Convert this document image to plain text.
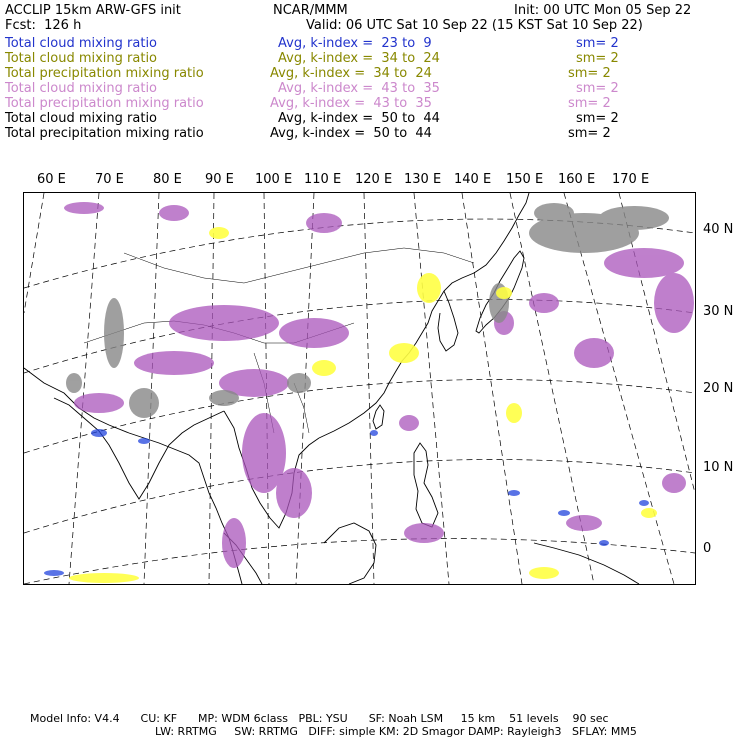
ACCLIP 15km ARW-GFS init	NCAR/MMM	Init: 00 UTC Mon 05 Sep 22
Fcst:  126 h	Valid: 06 UTC Sat 10 Sep 22 (15 KST Sat 10 Sep 22)
Total cloud mixing ratio	Avg, k-index =  23 to  9	sm= 2
Total cloud mixing ratio	Avg, k-index =  34 to  24	sm= 2
Total precipitation mixing ratio	Avg, k-index =  34 to  24	sm= 2
Total cloud mixing ratio	Avg, k-index =  43 to  35	sm= 2
Total precipitation mixing ratio	Avg, k-index =  43 to  35	sm= 2
Total cloud mixing ratio	Avg, k-index =  50 to  44	sm= 2
Total precipitation mixing ratio	Avg, k-index =  50 to  44	sm= 2
60 E 70 E 80 E 90 E 100 E 110 E 120 E 130 E 140 E 150 E 160 E 170 E
40 N
30 N
20 N
10 N
0
Model Info: V4.4      CU: KF      MP: WDM 6class   PBL: YSU      SF: Noah LSM     15 km    51 levels    90 sec
LW: RRTMG     SW: RRTMG   DIFF: simple KM: 2D Smagor DAMP: Rayleigh3   SFLAY: MM5
